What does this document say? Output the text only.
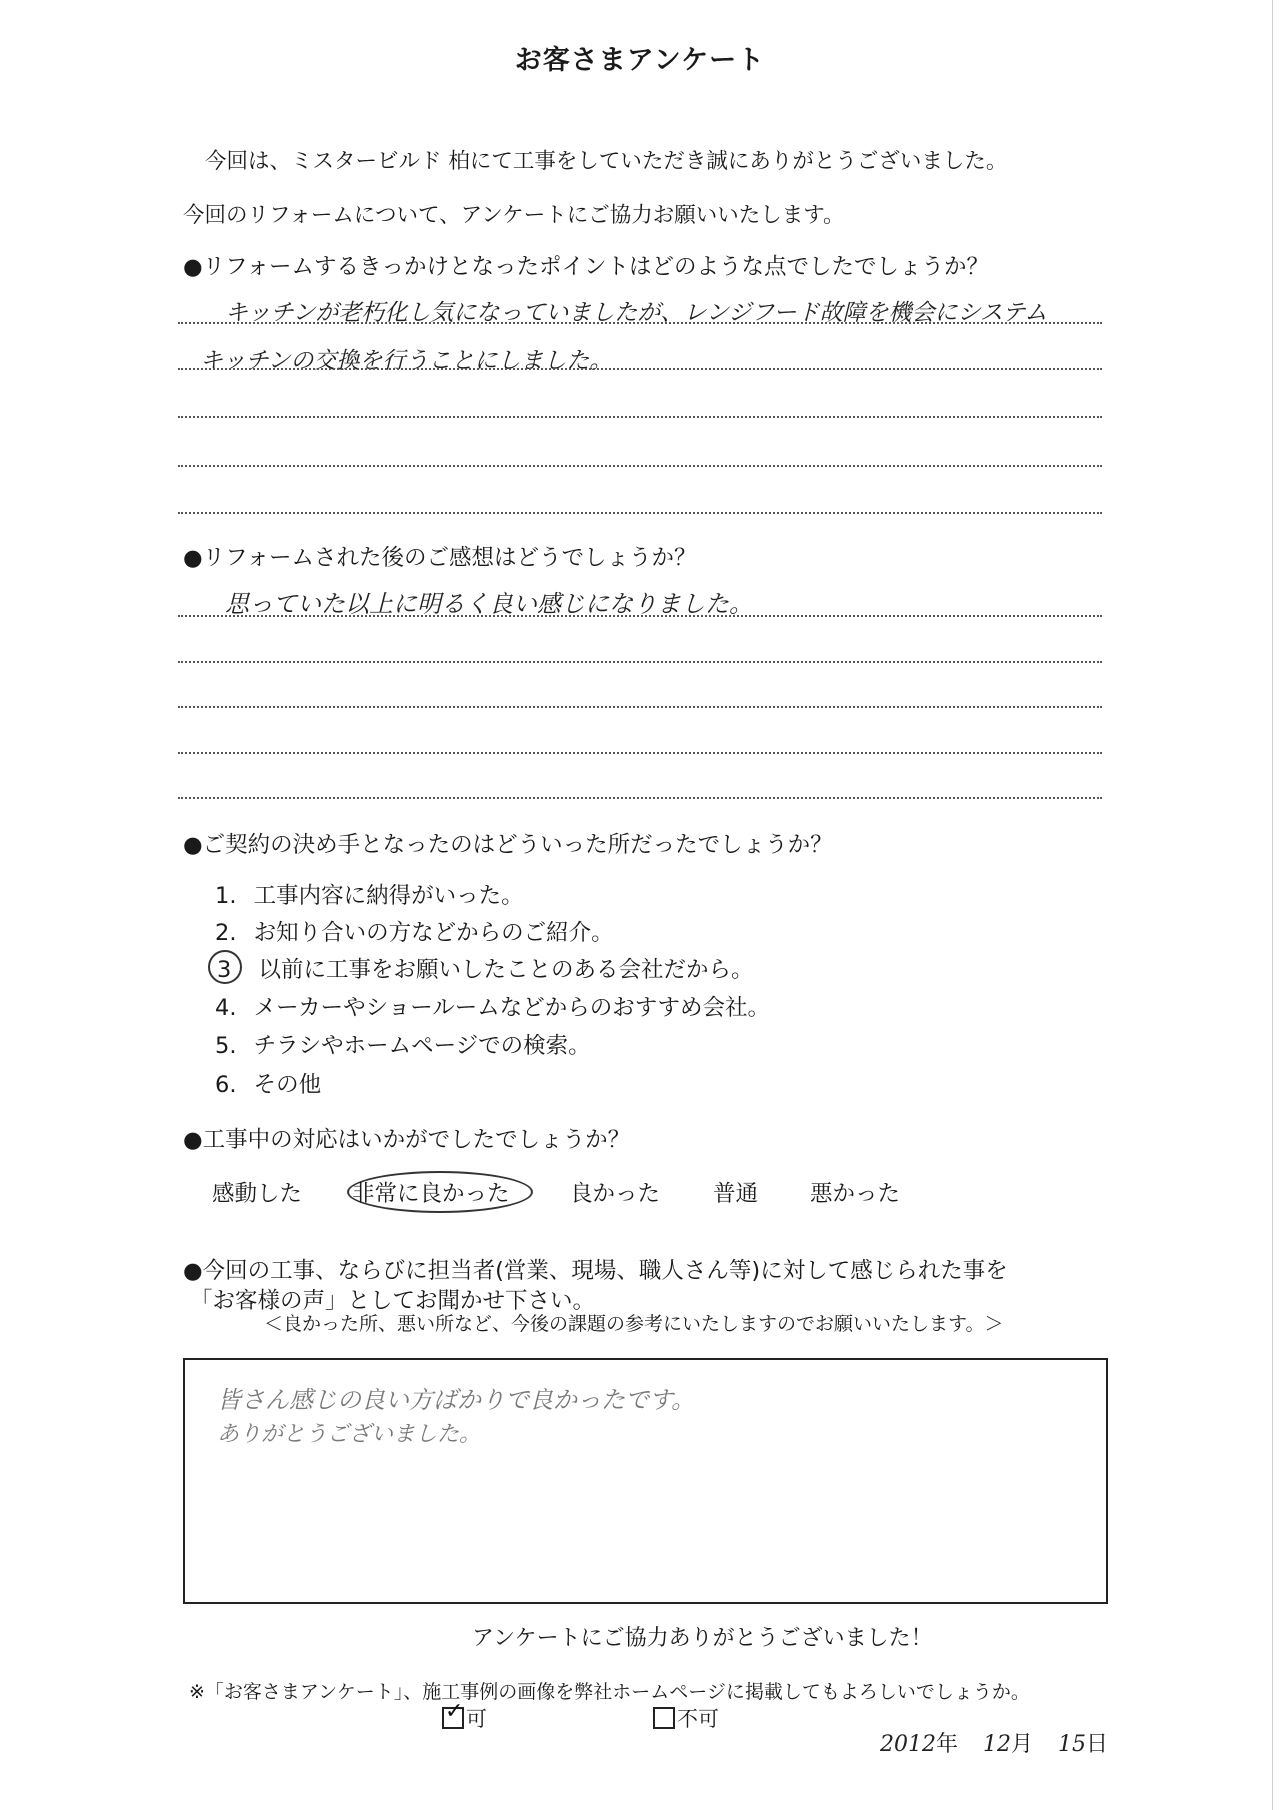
お客さまアンケート
今回は、ミスタービルド 柏にて工事をしていただき誠にありがとうございました。
今回のリフォームについて、アンケートにご協力お願いいたします。
●リフォームするきっかけとなったポイントはどのような点でしたでしょうか？
キッチンが老朽化し気になっていましたが、レンジフード故障を機会にシステム
キッチンの交換を行うことにしました。
●リフォームされた後のご感想はどうでしょうか？
思っていた以上に明るく良い感じになりました。
●ご契約の決め手となったのはどういった所だったでしょうか？
1. 工事内容に納得がいった。
2. お知り合いの方などからのご紹介。
3 以前に工事をお願いしたことのある会社だから。
4. メーカーやショールームなどからのおすすめ会社。
5. チラシやホームページでの検索。
6. その他
●工事中の対応はいかがでしたでしょうか？
感動した 非常に良かった	良かった 普通 悪かった
●今回の工事、ならびに担当者(営業、現場、職人さん等)に対して感じられた事を
「お客様の声」としてお聞かせ下さい。
＜良かった所、悪い所など、今後の課題の参考にいたしますのでお願いいたします。＞
皆さん感じの良い方ばかりで良かったです。
ありがとうございました。
アンケートにご協力ありがとうございました！
※「お客さまアンケート」、施工事例の画像を弊社ホームページに掲載してもよろしいでしょうか。
✓ 可	不可
2012年 12月 15日
